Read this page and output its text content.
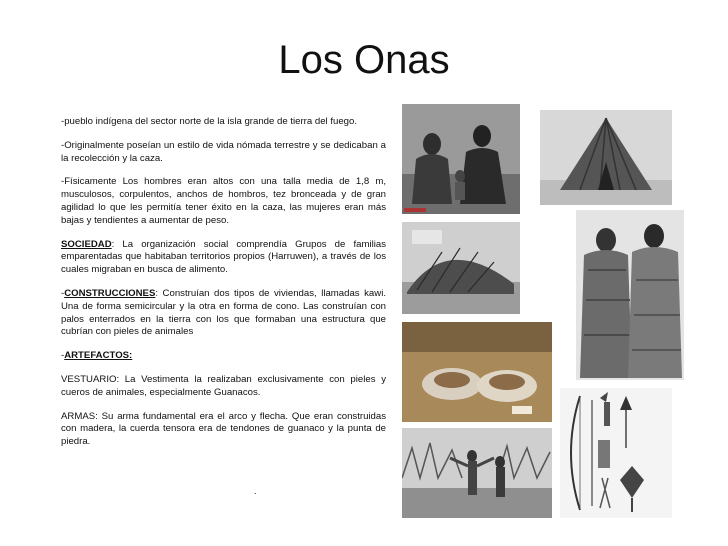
Los Onas

-pueblo indígena del sector norte de la isla grande de tierra del fuego.

-Originalmente poseían un estilo de vida nómada terrestre y se dedicaban a la recolección y la caza.

-Físicamente Los hombres eran altos con una talla media de 1,8 m, musculosos, corpulentos, anchos de hombros, tez bronceada y de gran agilidad lo que les permitía tener éxito en la caza, las mujeres eran más bajas y tendientes a aumentar de peso.

SOCIEDAD: La organización social comprendía Grupos de familias emparentadas que habitaban territorios propios (Harruwen), a través de los cuales migraban en busca de alimento.

-CONSTRUCCIONES: Construían dos tipos de viviendas, llamadas kawi. Una de forma semicircular y la otra en forma de cono. Las construían con palos enterrados en la tierra con los que formaban una estructura que cubrían con pieles de animales

-ARTEFACTOS:

VESTUARIO: La Vestimenta la realizaban exclusivamente con pieles y cueros de animales, especialmente Guanacos.

ARMAS: Su arma fundamental era el arco y flecha. Que eran construidas con madera, la cuerda tensora era de tendones de guanaco y la punta de piedra.

.
